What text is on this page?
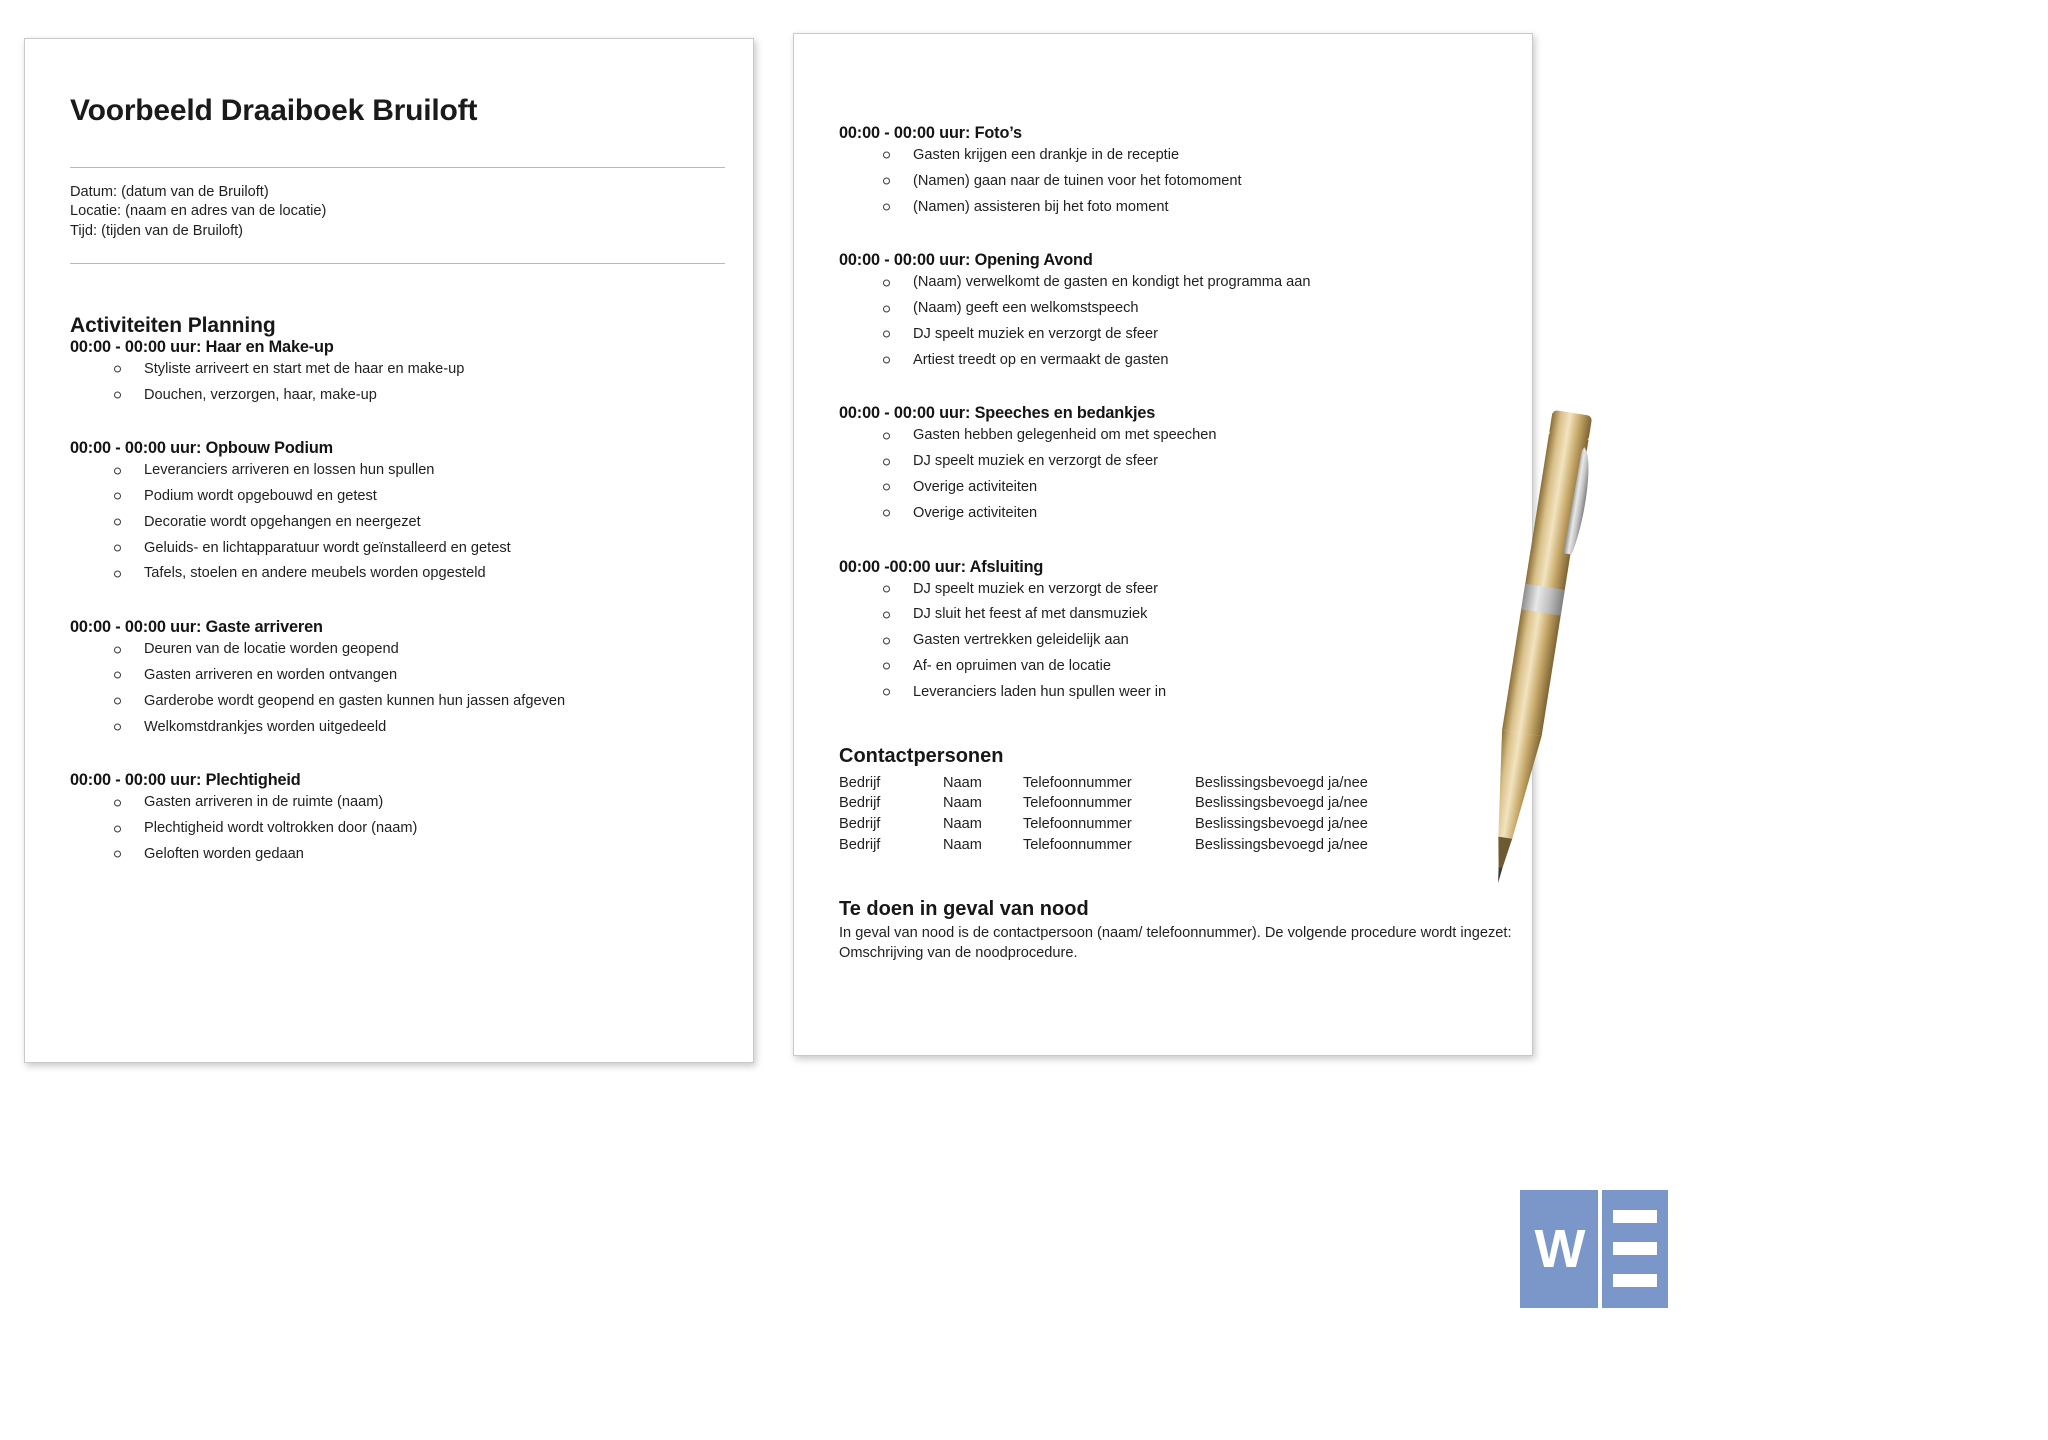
Voorbeeld Draaiboek Bruiloft
Datum: (datum van de Bruiloft)
Locatie: (naam en adres van de locatie)
Tijd: (tijden van de Bruiloft)
Activiteiten Planning
00:00 - 00:00 uur: Haar en Make-up
Styliste arriveert en start met de haar en make-up
Douchen, verzorgen, haar, make-up
00:00 - 00:00 uur: Opbouw Podium
Leveranciers arriveren en lossen hun spullen
Podium wordt opgebouwd en getest
Decoratie wordt opgehangen en neergezet
Geluids- en lichtapparatuur wordt geïnstalleerd en getest
Tafels, stoelen en andere meubels worden opgesteld
00:00 - 00:00 uur: Gaste arriveren
Deuren van de locatie worden geopend
Gasten arriveren en worden ontvangen
Garderobe wordt geopend en gasten kunnen hun jassen afgeven
Welkomstdrankjes worden uitgedeeld
00:00 - 00:00 uur: Plechtigheid
Gasten arriveren in de ruimte (naam)
Plechtigheid wordt voltrokken door (naam)
Geloften worden gedaan
00:00 - 00:00 uur: Foto’s
Gasten krijgen een drankje in de receptie
(Namen) gaan naar de tuinen voor het fotomoment
(Namen) assisteren bij het foto moment
00:00 - 00:00 uur: Opening Avond
(Naam) verwelkomt de gasten en kondigt het programma aan
(Naam) geeft een welkomstspeech
DJ speelt muziek en verzorgt de sfeer
Artiest treedt op en vermaakt de gasten
00:00 - 00:00 uur: Speeches en bedankjes
Gasten hebben gelegenheid om met speechen
DJ speelt muziek en verzorgt de sfeer
Overige activiteiten
Overige activiteiten
00:00 -00:00 uur: Afsluiting
DJ speelt muziek en verzorgt de sfeer
DJ sluit het feest af met dansmuziek
Gasten vertrekken geleidelijk aan
Af- en opruimen van de locatie
Leveranciers laden hun spullen weer in
Contactpersonen
Bedrijf	Naam	Telefoonnummer	Beslissingsbevoegd ja/nee
Bedrijf	Naam	Telefoonnummer	Beslissingsbevoegd ja/nee
Bedrijf	Naam	Telefoonnummer	Beslissingsbevoegd ja/nee
Bedrijf	Naam	Telefoonnummer	Beslissingsbevoegd ja/nee
Te doen in geval van nood

In geval van nood is de contactpersoon (naam/ telefoonnummer). De volgende procedure wordt ingezet:
Omschrijving van de noodprocedure.

W
